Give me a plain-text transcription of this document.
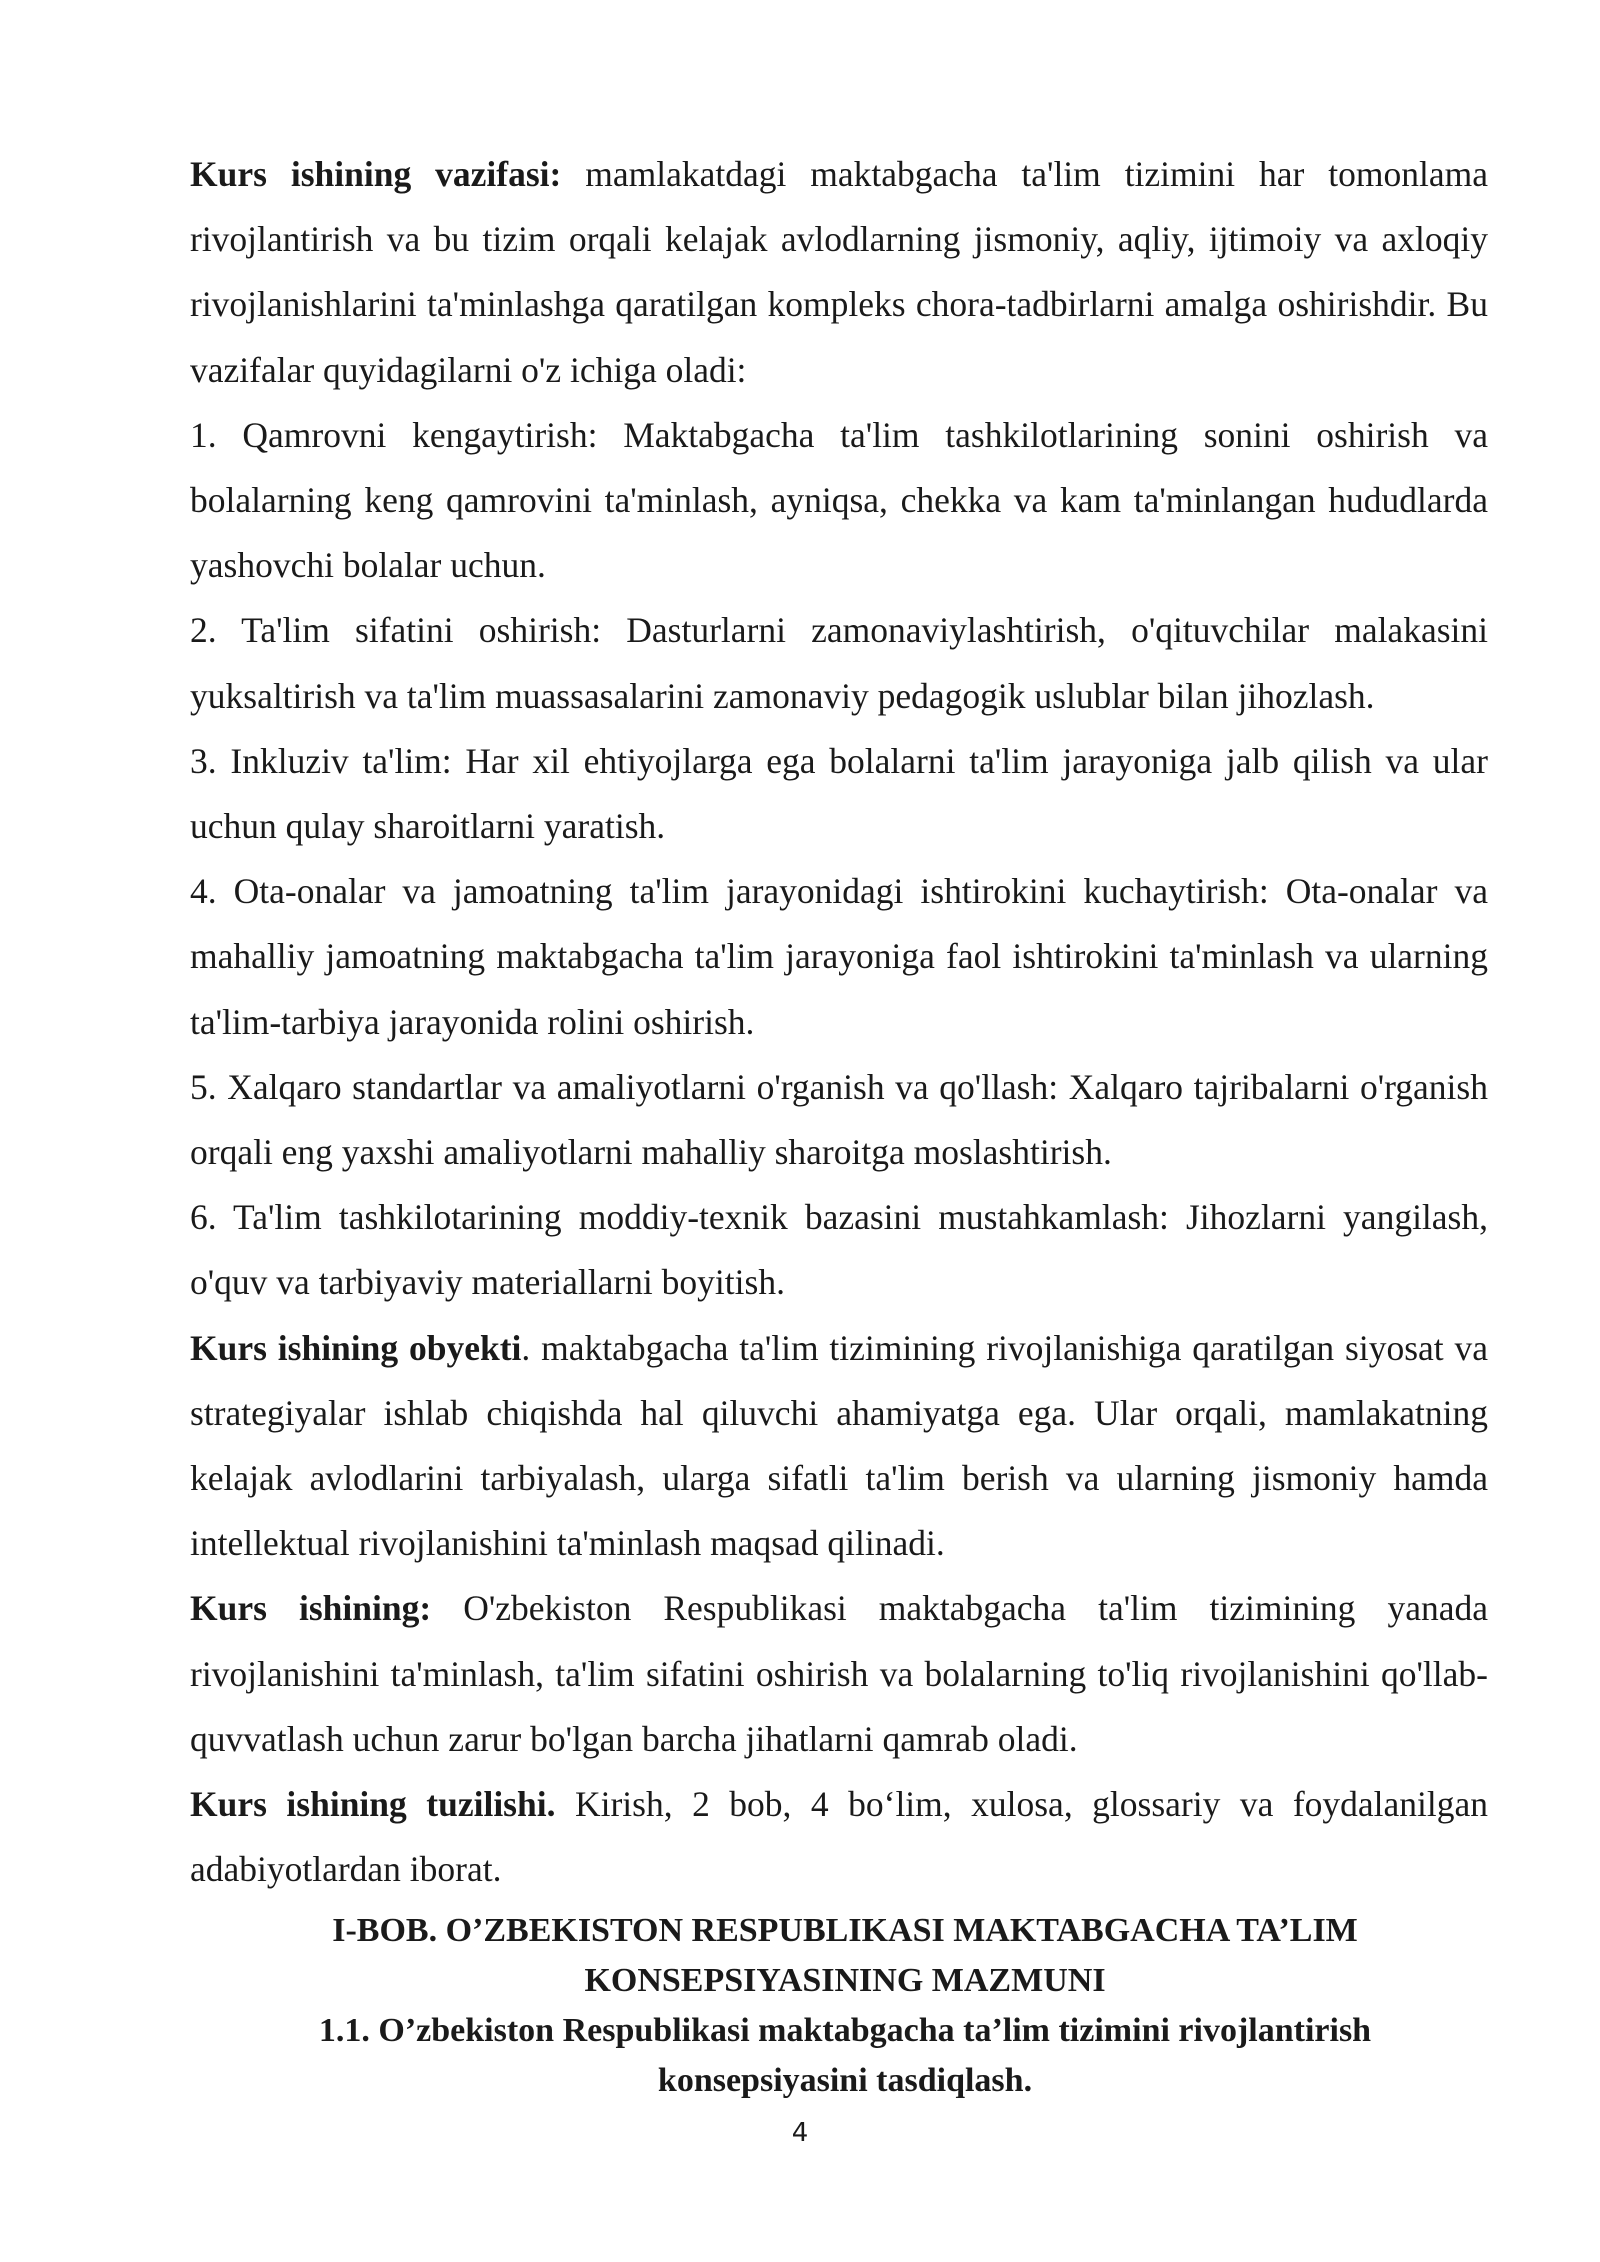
Kurs ishining vazifasi: mamlakatdagi maktabgacha ta'lim tizimini har tomonlama rivojlantirish va bu tizim orqali kelajak avlodlarning jismoniy, aqliy, ijtimoiy va axloqiy rivojlanishlarini ta'minlashga qaratilgan kompleks chora-tadbirlarni amalga oshirishdir. Bu vazifalar quyidagilarni o'z ichiga oladi:

1. Qamrovni kengaytirish: Maktabgacha ta'lim tashkilotlarining sonini oshirish va bolalarning keng qamrovini ta'minlash, ayniqsa, chekka va kam ta'minlangan hududlarda yashovchi bolalar uchun.

2. Ta'lim sifatini oshirish: Dasturlarni zamonaviylashtirish, o'qituvchilar malakasini yuksaltirish va ta'lim muassasalarini zamonaviy pedagogik uslublar bilan jihozlash.

3. Inkluziv ta'lim: Har xil ehtiyojlarga ega bolalarni ta'lim jarayoniga jalb qilish va ular uchun qulay sharoitlarni yaratish.

4. Ota-onalar va jamoatning ta'lim jarayonidagi ishtirokini kuchaytirish: Ota-onalar va mahalliy jamoatning maktabgacha ta'lim jarayoniga faol ishtirokini ta'minlash va ularning ta'lim-tarbiya jarayonida rolini oshirish.

5. Xalqaro standartlar va amaliyotlarni o'rganish va qo'llash: Xalqaro tajribalarni o'rganish orqali eng yaxshi amaliyotlarni mahalliy sharoitga moslashtirish.

6. Ta'lim tashkilotarining moddiy-texnik bazasini mustahkamlash: Jihozlarni yangilash, o'quv va tarbiyaviy materiallarni boyitish.

Kurs ishining obyekti. maktabgacha ta'lim tizimining rivojlanishiga qaratilgan siyosat va strategiyalar ishlab chiqishda hal qiluvchi ahamiyatga ega. Ular orqali, mamlakatning kelajak avlodlarini tarbiyalash, ularga sifatli ta'lim berish va ularning jismoniy hamda intellektual rivojlanishini ta'minlash maqsad qilinadi.

Kurs ishining: O'zbekiston Respublikasi maktabgacha ta'lim tizimining yanada rivojlanishini ta'minlash, ta'lim sifatini oshirish va bolalarning to'liq rivojlanishini qo'llab-quvvatlash uchun zarur bo'lgan barcha jihatlarni qamrab oladi.

Kurs ishining tuzilishi. Kirish, 2 bob, 4 bo‘lim, xulosa, glossariy va foydalanilgan adabiyotlardan iborat.

I-BOB. O’ZBEKISTON RESPUBLIKASI MAKTABGACHA TA’LIM
KONSEPSIYASINING MAZMUNI
1.1. O’zbekiston Respublikasi maktabgacha ta’lim tizimini rivojlantirish
konsepsiyasini tasdiqlash.
4
